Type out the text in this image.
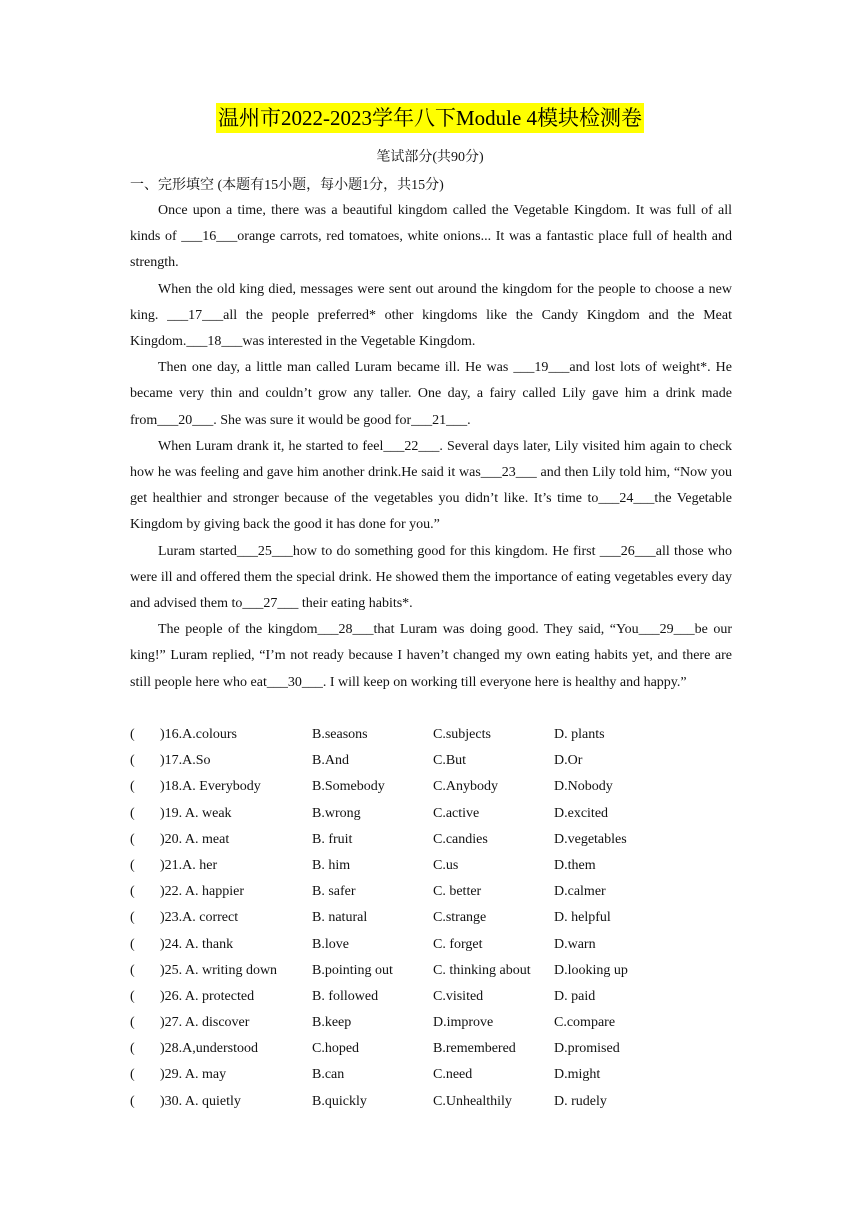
温州市2022-2023学年八下Module 4模块检测卷
笔试部分(共90分)
一、完形填空 (本题有15小题，每小题1分，共15分)

Once upon a time, there was a beautiful kingdom called the Vegetable Kingdom. It was full of all kinds of ___16___orange carrots, red tomatoes, white onions... It was a fantastic place full of health and strength.

When the old king died, messages were sent out around the kingdom for the people to choose a new king. ___17___all the people preferred* other kingdoms like the Candy Kingdom and the Meat Kingdom.___18___was interested in the Vegetable Kingdom.

Then one day, a little man called Luram became ill. He was ___19___and lost lots of weight*. He became very thin and couldn’t grow any taller. One day, a fairy called Lily gave him a drink made from___20___. She was sure it would be good for___21___.

When Luram drank it, he started to feel___22___. Several days later, Lily visited him again to check how he was feeling and gave him another drink.He said it was___23___ and then Lily told him, “Now you get healthier and stronger because of the vegetables you didn’t like. It’s time to___24___the Vegetable Kingdom by giving back the good it has done for you.”

Luram started___25___how to do something good for this kingdom. He first ___26___all those who were ill and offered them the special drink. He showed them the importance of eating vegetables every day and advised them to___27___ their eating habits*.

The people of the kingdom___28___that Luram was doing good. They said, “You___29___be our king!” Luram replied, “I’m not ready because I haven’t changed my own eating habits yet, and there are still people here who eat___30___. I will keep on working till everyone here is healthy and happy.”

( )16.A.colours	B.seasons	C.subjects	D. plants
( )17.A.So	B.And	C.But	D.Or
( )18.A. Everybody	B.Somebody	C.Anybody	D.Nobody
( )19. A. weak	B.wrong	C.active	D.excited
( )20. A. meat	B. fruit	C.candies	D.vegetables
( )21.A. her	B. him	C.us	D.them
( )22. A. happier	B. safer	C. better	D.calmer
( )23.A. correct	B. natural	C.strange	D. helpful
( )24. A. thank	B.love	C. forget	D.warn
( )25. A. writing down B.pointing out	C. thinking about D.looking up
( )26. A. protected	B. followed	C.visited	D. paid
( )27. A. discover	B.keep	D.improve	C.compare
( )28.A,understood	C.hoped	B.remembered	D.promised
( )29. A. may	B.can	C.need	D.might
( )30. A. quietly	B.quickly	C.Unhealthily	D. rudely
